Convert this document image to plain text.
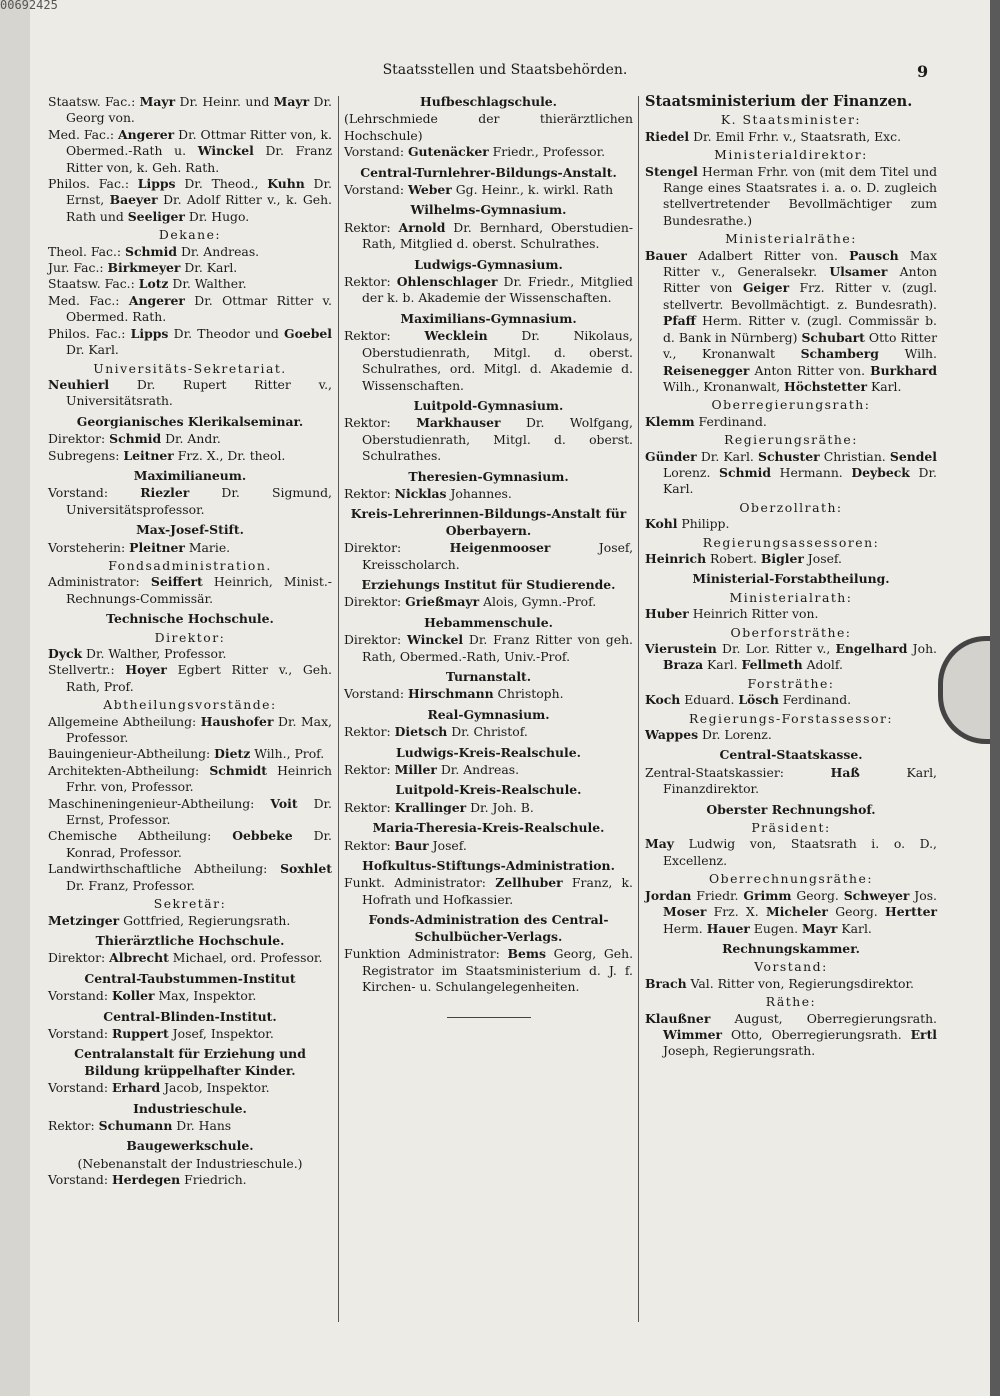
00692425
Staatsstellen und Staatsbehörden.	9

Staatsw. Fac.: Mayr Dr. Heinr. und Mayr Dr. Georg von.

Med. Fac.: Angerer Dr. Ottmar Ritter von, k. Obermed.-Rath u. Winckel Dr. Franz Ritter von, k. Geh. Rath.

Philos. Fac.: Lipps Dr. Theod., Kuhn Dr. Ernst, Baeyer Dr. Adolf Ritter v., k. Geh. Rath und Seeliger Dr. Hugo.

Dekane:

Theol. Fac.: Schmid Dr. Andreas.

Jur. Fac.: Birkmeyer Dr. Karl.

Staatsw. Fac.: Lotz Dr. Walther.

Med. Fac.: Angerer Dr. Ottmar Ritter v. Obermed. Rath.

Philos. Fac.: Lipps Dr. Theodor und Goebel Dr. Karl.

Universitäts-Sekretariat.

Neuhierl Dr. Rupert Ritter v., Universitätsrath.

Georgianisches Klerikalseminar.

Direktor: Schmid Dr. Andr.

Subregens: Leitner Frz. X., Dr. theol.

Maximilianeum.

Vorstand: Riezler Dr. Sigmund, Universitätsprofessor.

Max-Josef-Stift.

Vorsteherin: Pleitner Marie.

Fondsadministration.

Administrator: Seiffert Heinrich, Minist.-Rechnungs-Commissär.

Technische Hochschule.

Direktor:

Dyck Dr. Walther, Professor.

Stellvertr.: Hoyer Egbert Ritter v., Geh. Rath, Prof.

Abtheilungsvorstände:

Allgemeine Abtheilung: Haushofer Dr. Max, Professor.

Bauingenieur-Abtheilung: Dietz Wilh., Prof.

Architekten-Abtheilung: Schmidt Heinrich Frhr. von, Professor.

Maschineningenieur-Abtheilung: Voit Dr. Ernst, Professor.

Chemische Abtheilung: Oebbeke Dr. Konrad, Professor.

Landwirthschaftliche Abtheilung: Soxhlet Dr. Franz, Professor.

Sekretär:

Metzinger Gottfried, Regierungsrath.

Thierärztliche Hochschule.

Direktor: Albrecht Michael, ord. Professor.

Central-Taubstummen-Institut

Vorstand: Koller Max, Inspektor.

Central-Blinden-Institut.

Vorstand: Ruppert Josef, Inspektor.

Centralanstalt für Erziehung und Bildung krüppelhafter Kinder.

Vorstand: Erhard Jacob, Inspektor.

Industrieschule.

Rektor: Schumann Dr. Hans

Baugewerkschule.

(Nebenanstalt der Industrieschule.)

Vorstand: Herdegen Friedrich.

Hufbeschlagschule.

(Lehrschmiede der thierärztlichen Hochschule)

Vorstand: Gutenäcker Friedr., Professor.

Central-Turnlehrer-Bildungs-Anstalt.

Vorstand: Weber Gg. Heinr., k. wirkl. Rath

Wilhelms-Gymnasium.

Rektor: Arnold Dr. Bernhard, Oberstudien-Rath, Mitglied d. oberst. Schulrathes.

Ludwigs-Gymnasium.

Rektor: Ohlenschlager Dr. Friedr., Mitglied der k. b. Akademie der Wissenschaften.

Maximilians-Gymnasium.

Rektor: Wecklein Dr. Nikolaus, Oberstudienrath, Mitgl. d. oberst. Schulrathes, ord. Mitgl. d. Akademie d. Wissenschaften.

Luitpold-Gymnasium.

Rektor: Markhauser Dr. Wolfgang, Oberstudienrath, Mitgl. d. oberst. Schulrathes.

Theresien-Gymnasium.

Rektor: Nicklas Johannes.

Kreis-Lehrerinnen-Bildungs-Anstalt für Oberbayern.

Direktor: Heigenmooser Josef, Kreisscholarch.

Erziehungs Institut für Studierende.

Direktor: Grießmayr Alois, Gymn.-Prof.

Hebammenschule.

Direktor: Winckel Dr. Franz Ritter von geh. Rath, Obermed.-Rath, Univ.-Prof.

Turnanstalt.

Vorstand: Hirschmann Christoph.

Real-Gymnasium.

Rektor: Dietsch Dr. Christof.

Ludwigs-Kreis-Realschule.

Rektor: Miller Dr. Andreas.

Luitpold-Kreis-Realschule.

Rektor: Krallinger Dr. Joh. B.

Maria-Theresia-Kreis-Realschule.

Rektor: Baur Josef.

Hofkultus-Stiftungs-Administration.

Funkt. Administrator: Zellhuber Franz, k. Hofrath und Hofkassier.

Fonds-Administration des Central-Schulbücher-Verlags.

Funktion Administrator: Bems Georg, Geh. Registrator im Staatsministerium d. J. f. Kirchen- u. Schulangelegenheiten.

Staatsministerium der Finanzen.

K. Staatsminister:

Riedel Dr. Emil Frhr. v., Staatsrath, Exc.

Ministerialdirektor:

Stengel Herman Frhr. von (mit dem Titel und Range eines Staatsrates i. a. o. D. zugleich stellvertretender Bevollmächtiger zum Bundesrathe.)

Ministerialräthe:

Bauer Adalbert Ritter von. Pausch Max Ritter v., Generalsekr. Ulsamer Anton Ritter von Geiger Frz. Ritter v. (zugl. stellvertr. Bevollmächtigt. z. Bundesrath). Pfaff Herm. Ritter v. (zugl. Commissär b. d. Bank in Nürnberg) Schubart Otto Ritter v., Kronanwalt Schamberg Wilh. Reisenegger Anton Ritter von. Burkhard Wilh., Kronanwalt, Höchstetter Karl.

Oberregierungsrath:

Klemm Ferdinand.

Regierungsräthe:

Günder Dr. Karl. Schuster Christian. Sendel Lorenz. Schmid Hermann. Deybeck Dr. Karl.

Oberzollrath:

Kohl Philipp.

Regierungsassessoren:

Heinrich Robert. Bigler Josef.

Ministerial-Forstabtheilung.

Ministerialrath:

Huber Heinrich Ritter von.

Oberforsträthe:

Vierustein Dr. Lor. Ritter v., Engelhard Joh. Braza Karl. Fellmeth Adolf.

Forsträthe:

Koch Eduard. Lösch Ferdinand.

Regierungs-Forstassessor:

Wappes Dr. Lorenz.

Central-Staatskasse.

Zentral-Staatskassier: Haß Karl, Finanzdirektor.

Oberster Rechnungshof.

Präsident:

May Ludwig von, Staatsrath i. o. D., Excellenz.

Oberrechnungsräthe:

Jordan Friedr. Grimm Georg. Schweyer Jos. Moser Frz. X. Micheler Georg. Hertter Herm. Hauer Eugen. Mayr Karl.

Rechnungskammer.

Vorstand:

Brach Val. Ritter von, Regierungsdirektor.

Räthe:

Klaußner August, Oberregierungsrath. Wimmer Otto, Oberregierungsrath. Ertl Joseph, Regierungsrath.
